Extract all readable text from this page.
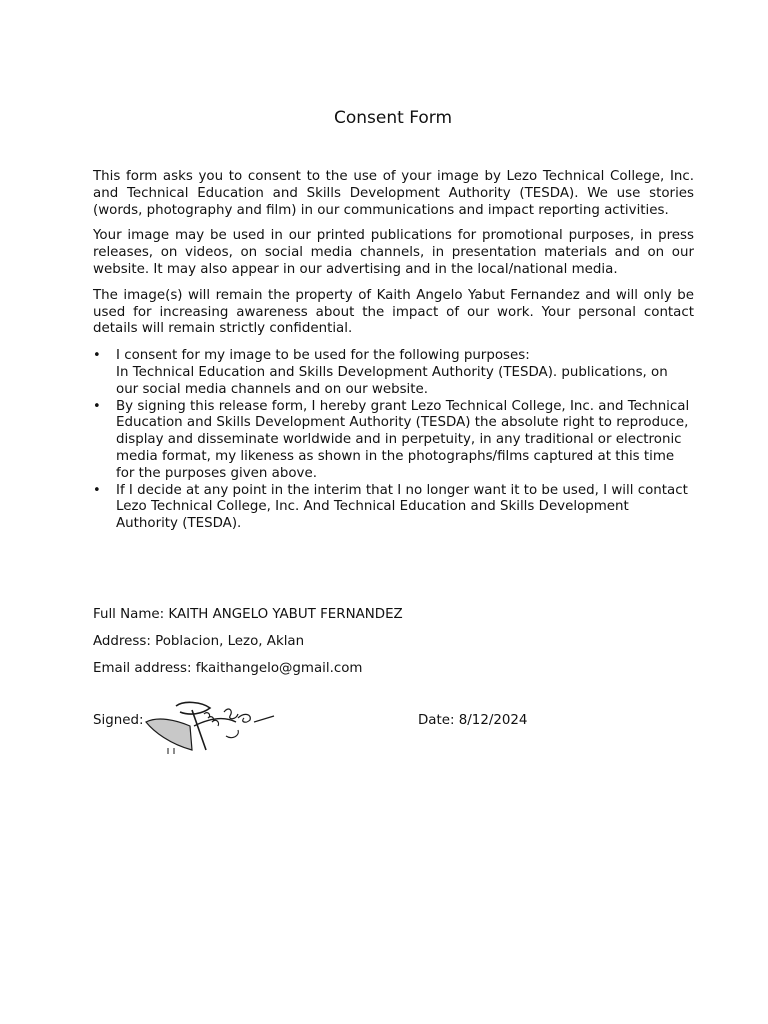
Consent Form

This form asks you to consent to the use of your image by Lezo Technical College, Inc. and Technical Education and Skills Development Authority (TESDA). We use stories (words, photography and film) in our communications and impact reporting activities.

Your image may be used in our printed publications for promotional purposes, in press releases, on videos, on social media channels, in presentation materials and on our website. It may also appear in our advertising and in the local/national media.

The image(s) will remain the property of Kaith Angelo Yabut Fernandez and will only be used for increasing awareness about the impact of our work. Your personal contact details will remain strictly confidential.

• I consent for my image to be used for the following purposes:
In Technical Education and Skills Development Authority (TESDA). publications, on our social media channels and on our website.
• By signing this release form, I hereby grant Lezo Technical College, Inc. and Technical Education and Skills Development Authority (TESDA) the absolute right to reproduce, display and disseminate worldwide and in perpetuity, in any traditional or electronic media format, my likeness as shown in the photographs/films captured at this time for the purposes given above.
• If I decide at any point in the interim that I no longer want it to be used, I will contact Lezo Technical College, Inc. And Technical Education and Skills Development Authority (TESDA).

Full Name: KAITH ANGELO YABUT FERNANDEZ

Address: Poblacion, Lezo, Aklan

Email address: fkaithangelo@gmail.com

Signed:	Date: 8/12/2024
